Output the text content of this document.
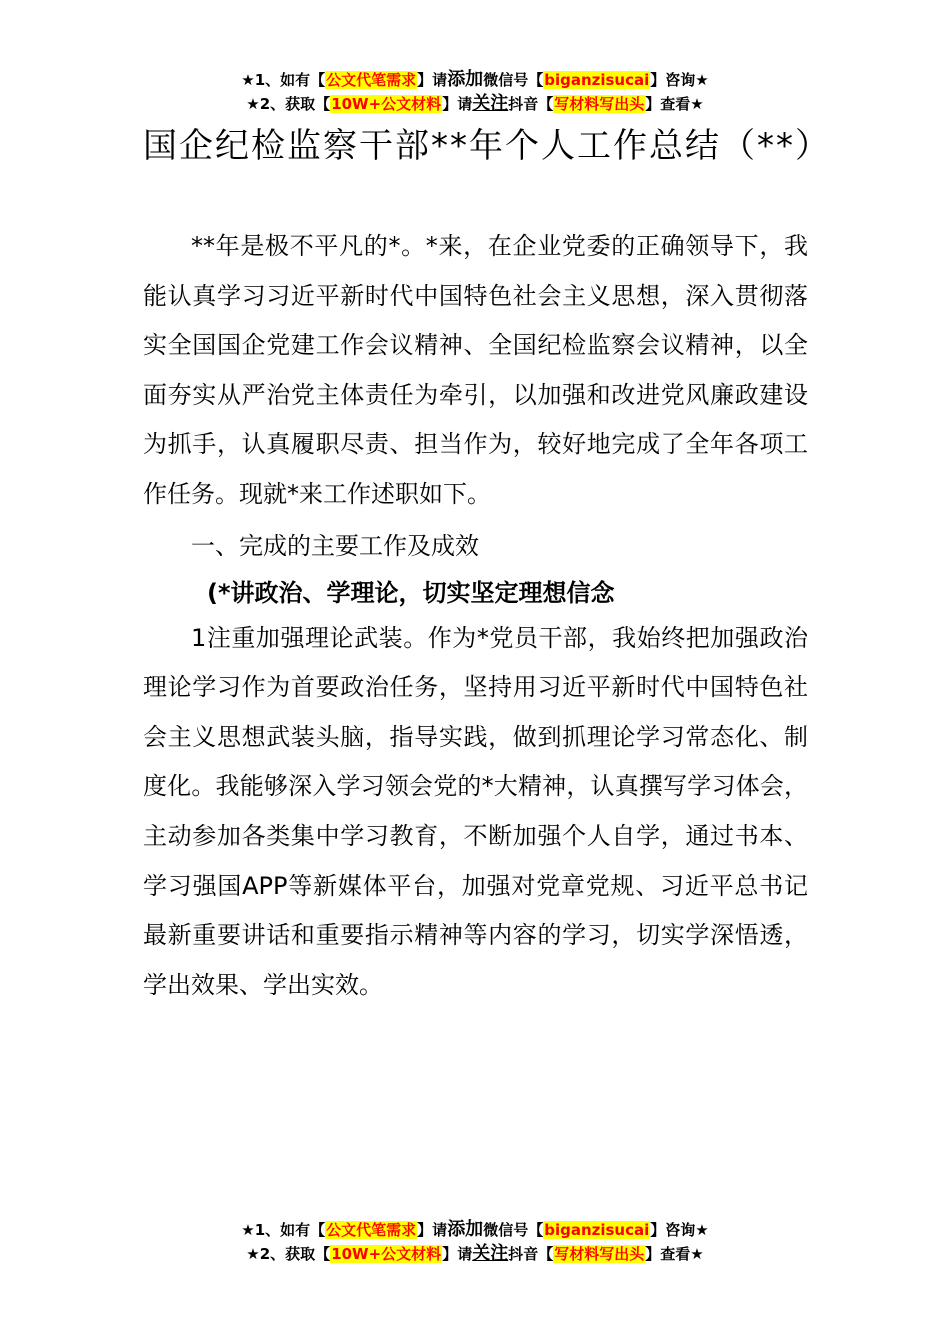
★1、如有【公文代笔需求】请添加微信号【biganzisucai】咨询★
★2、获取【10W+公文材料】请关注抖音【写材料写出头】查看★
国企纪检监察干部**年个人工作总结（**）

**年是极不平凡的*。*来，在企业党委的正确领导下，我能认真学习习近平新时代中国特色社会主义思想，深入贯彻落实全国国企党建工作会议精神、全国纪检监察会议精神，以全面夯实从严治党主体责任为牵引，以加强和改进党风廉政建设为抓手，认真履职尽责、担当作为，较好地完成了全年各项工作任务。现就*来工作述职如下。

一、完成的主要工作及成效

(*讲政治、学理论，切实坚定理想信念

1注重加强理论武装。作为*党员干部，我始终把加强政治理论学习作为首要政治任务，坚持用习近平新时代中国特色社会主义思想武装头脑，指导实践，做到抓理论学习常态化、制度化。我能够深入学习领会党的*大精神，认真撰写学习体会，主动参加各类集中学习教育，不断加强个人自学，通过书本、学习强国APP等新媒体平台，加强对党章党规、习近平总书记最新重要讲话和重要指示精神等内容的学习，切实学深悟透，学出效果、学出实效。

★1、如有【公文代笔需求】请添加微信号【biganzisucai】咨询★
★2、获取【10W+公文材料】请关注抖音【写材料写出头】查看★
